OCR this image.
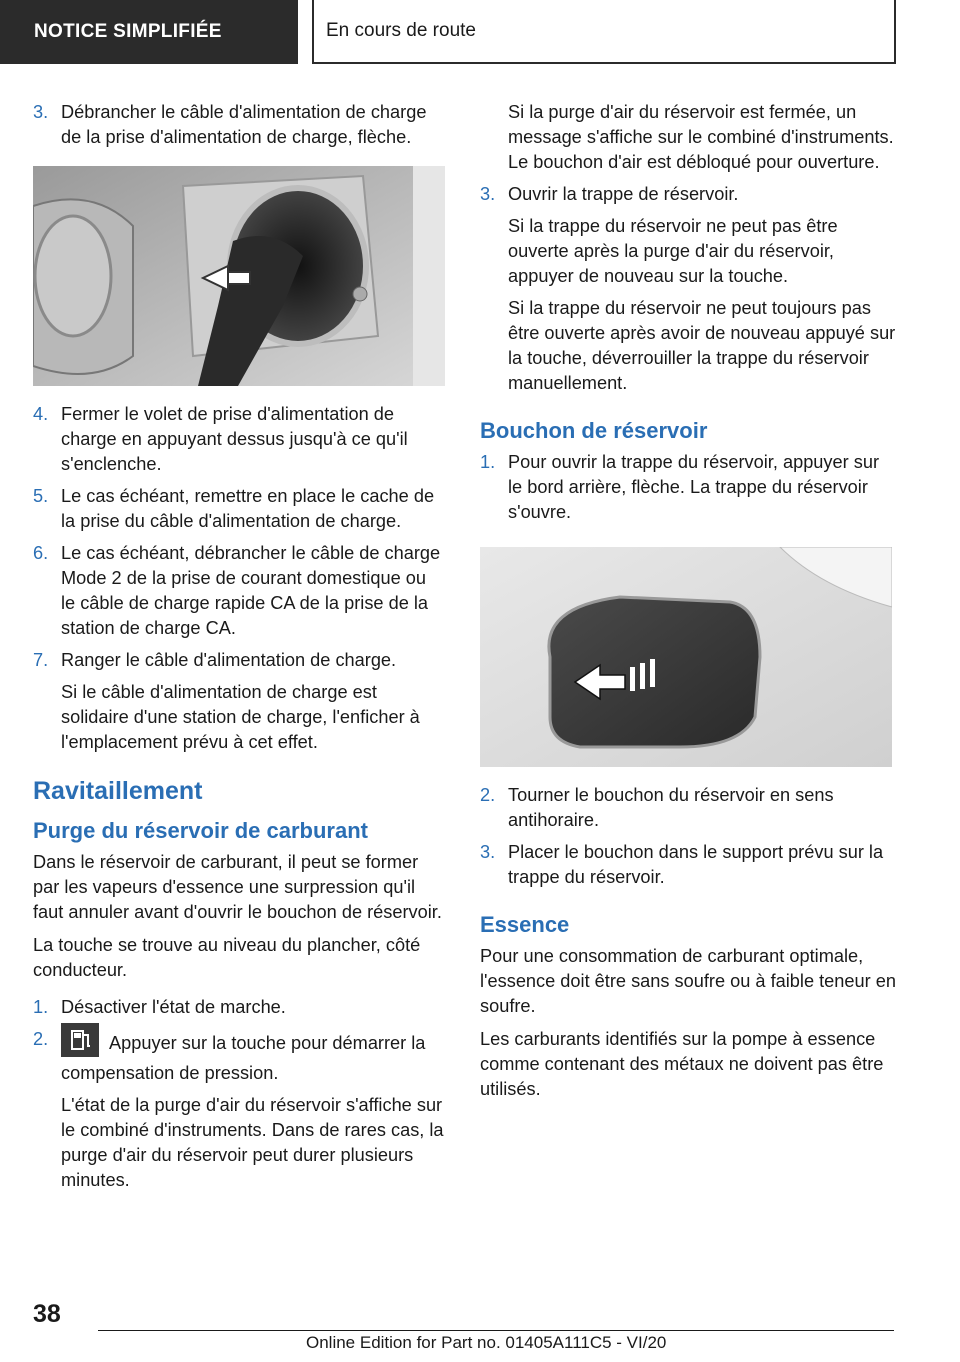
NOTICE SIMPLIFIÉE	En cours de route
3. Débrancher le câble d'alimentation de charge de la prise d'alimentation de charge, flèche.

4. Fermer le volet de prise d'alimentation de charge en appuyant dessus jusqu'à ce qu'il s'enclenche.

5. Le cas échéant, remettre en place le cache de la prise du câble d'alimentation de charge.

6. Le cas échéant, débrancher le câble de charge Mode 2 de la prise de courant domestique ou le câble de charge rapide CA de la prise de la station de charge CA.

7. Ranger le câble d'alimentation de charge.

Si le câble d'alimentation de charge est solidaire d'une station de charge, l'enficher à l'emplacement prévu à cet effet.

Ravitaillement
Purge du réservoir de carburant

Dans le réservoir de carburant, il peut se former par les vapeurs d'essence une surpression qu'il faut annuler avant d'ouvrir le bouchon de réservoir.

La touche se trouve au niveau du plancher, côté conducteur.

1. Désactiver l'état de marche.

2.	Appuyer sur la touche pour démarrer la compensation de pression.

L'état de la purge d'air du réservoir s'affiche sur le combiné d'instruments. Dans de rares cas, la purge d'air du réservoir peut durer plusieurs minutes.

Si la purge d'air du réservoir est fermée, un message s'affiche sur le combiné d'instruments. Le bouchon d'air est débloqué pour ouverture.

3. Ouvrir la trappe de réservoir.

Si la trappe du réservoir ne peut pas être ouverte après la purge d'air du réservoir, appuyer de nouveau sur la touche.

Si la trappe du réservoir ne peut toujours pas être ouverte après avoir de nouveau appuyé sur la touche, déverrouiller la trappe du réservoir manuellement.

Bouchon de réservoir
1. Pour ouvrir la trappe du réservoir, appuyer sur le bord arrière, flèche. La trappe du réservoir s'ouvre.

2. Tourner le bouchon du réservoir en sens antihoraire.

3. Placer le bouchon dans le support prévu sur la trappe du réservoir.

Essence

Pour une consommation de carburant optimale, l'essence doit être sans soufre ou à faible teneur en soufre.

Les carburants identifiés sur la pompe à essence comme contenant des métaux ne doivent pas être utilisés.

38
Online Edition for Part no. 01405A111C5 - VI/20
